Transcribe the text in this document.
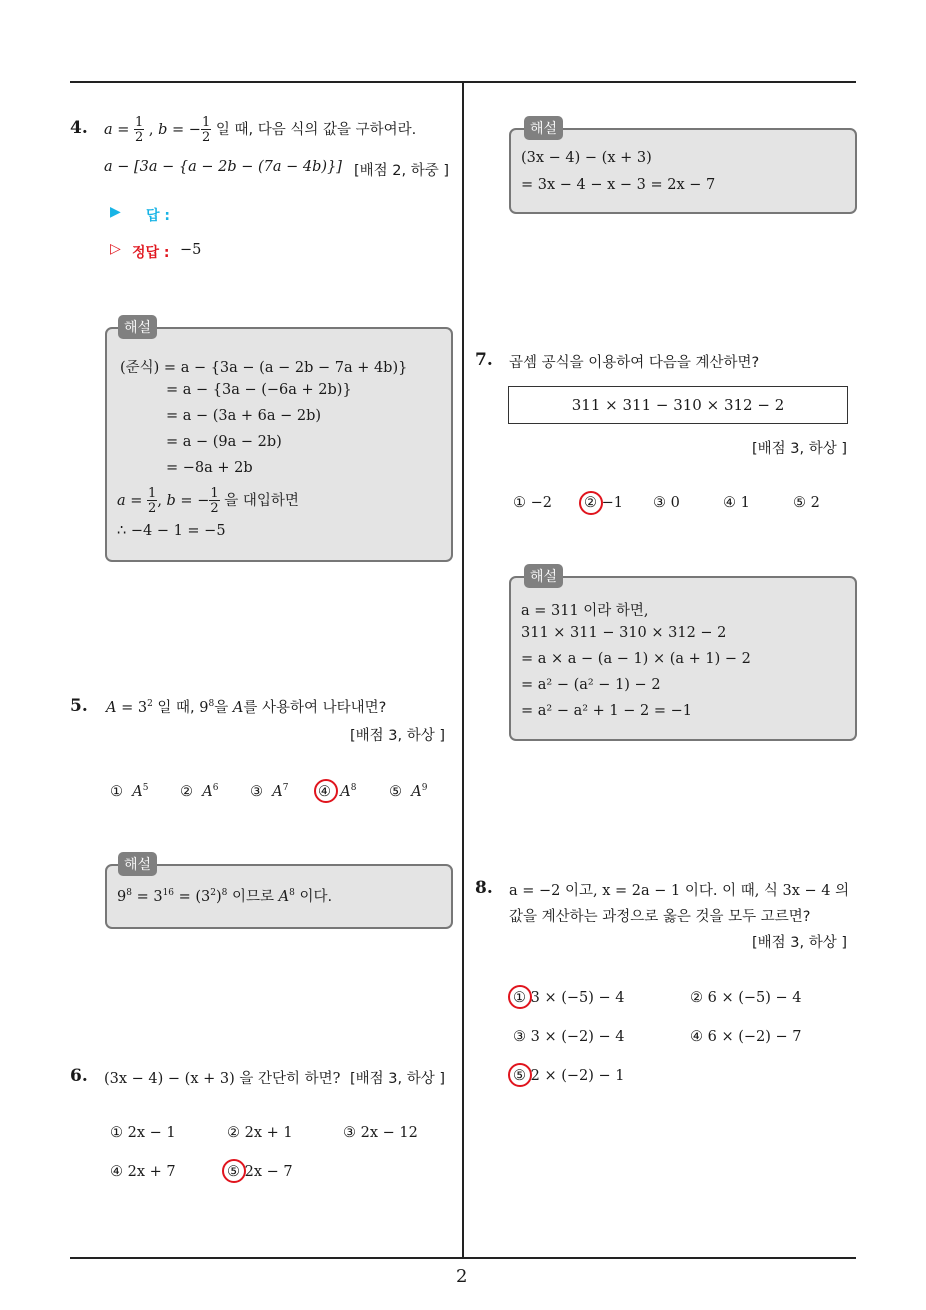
2
4. $a = \frac{1}{2}$ , b = − $\frac{1}{2}$ 일 때, 다음 식의 값을 구하여라.
a − [3a − {a − 2b − (7a − 4b)}] [배점 2, 하중 ]
▶ 답 :
▷ 정답 : −5
해설
(준식) = a − {3a − (a − 2b − 7a + 4b)}
= a − {3a − (−6a + 2b)}
= a − (3a + 6a − 2b)
= a − (9a − 2b)
= −8a + 2b
$a = \frac{1}{2}$ , b = − $\frac{1}{2}$ 을 대입하면
∴ −4 − 1 = −5
5. $A = 3^2$ 일 때, $9^8$을 A를 사용하여 나타내면?
[배점 3, 하상 ]
① $A^5$ ② $A^6$ ③ $A^7$ ④ $A^8$ ⑤ $A^9$
해설
$9^8 = 3^{16} = (3^2)^8$ 이므로 $A^8$ 이다.
6. (3x − 4) − (x + 3) 을 간단히 하면? [배점 3, 하상 ]
① 2x − 1	② 2x + 1	③ 2x − 12
④ 2x + 7	⑤ 2x − 7
해설
(3x − 4) − (x + 3)
= 3x − 4 − x − 3 = 2x − 7
7. 곱셈 공식을 이용하여 다음을 계산하면?
311 × 311 − 310 × 312 − 2
[배점 3, 하상 ]
① −2 ② −1 ③ 0	④ 1	⑤ 2
해설
a = 311 이라 하면,
311 × 311 − 310 × 312 − 2
= a × a − (a − 1) × (a + 1) − 2
= a² − (a² − 1) − 2
= a² − a² + 1 − 2 = −1
8. a = −2 이고, x = 2a − 1 이다. 이 때, 식 3x − 4 의
값을 계산하는 과정으로 옳은 것을 모두 고르면?
[배점 3, 하상 ]
① 3 × (−5) − 4	② 6 × (−5) − 4
③ 3 × (−2) − 4	④ 6 × (−2) − 7
⑤ 2 × (−2) − 1
